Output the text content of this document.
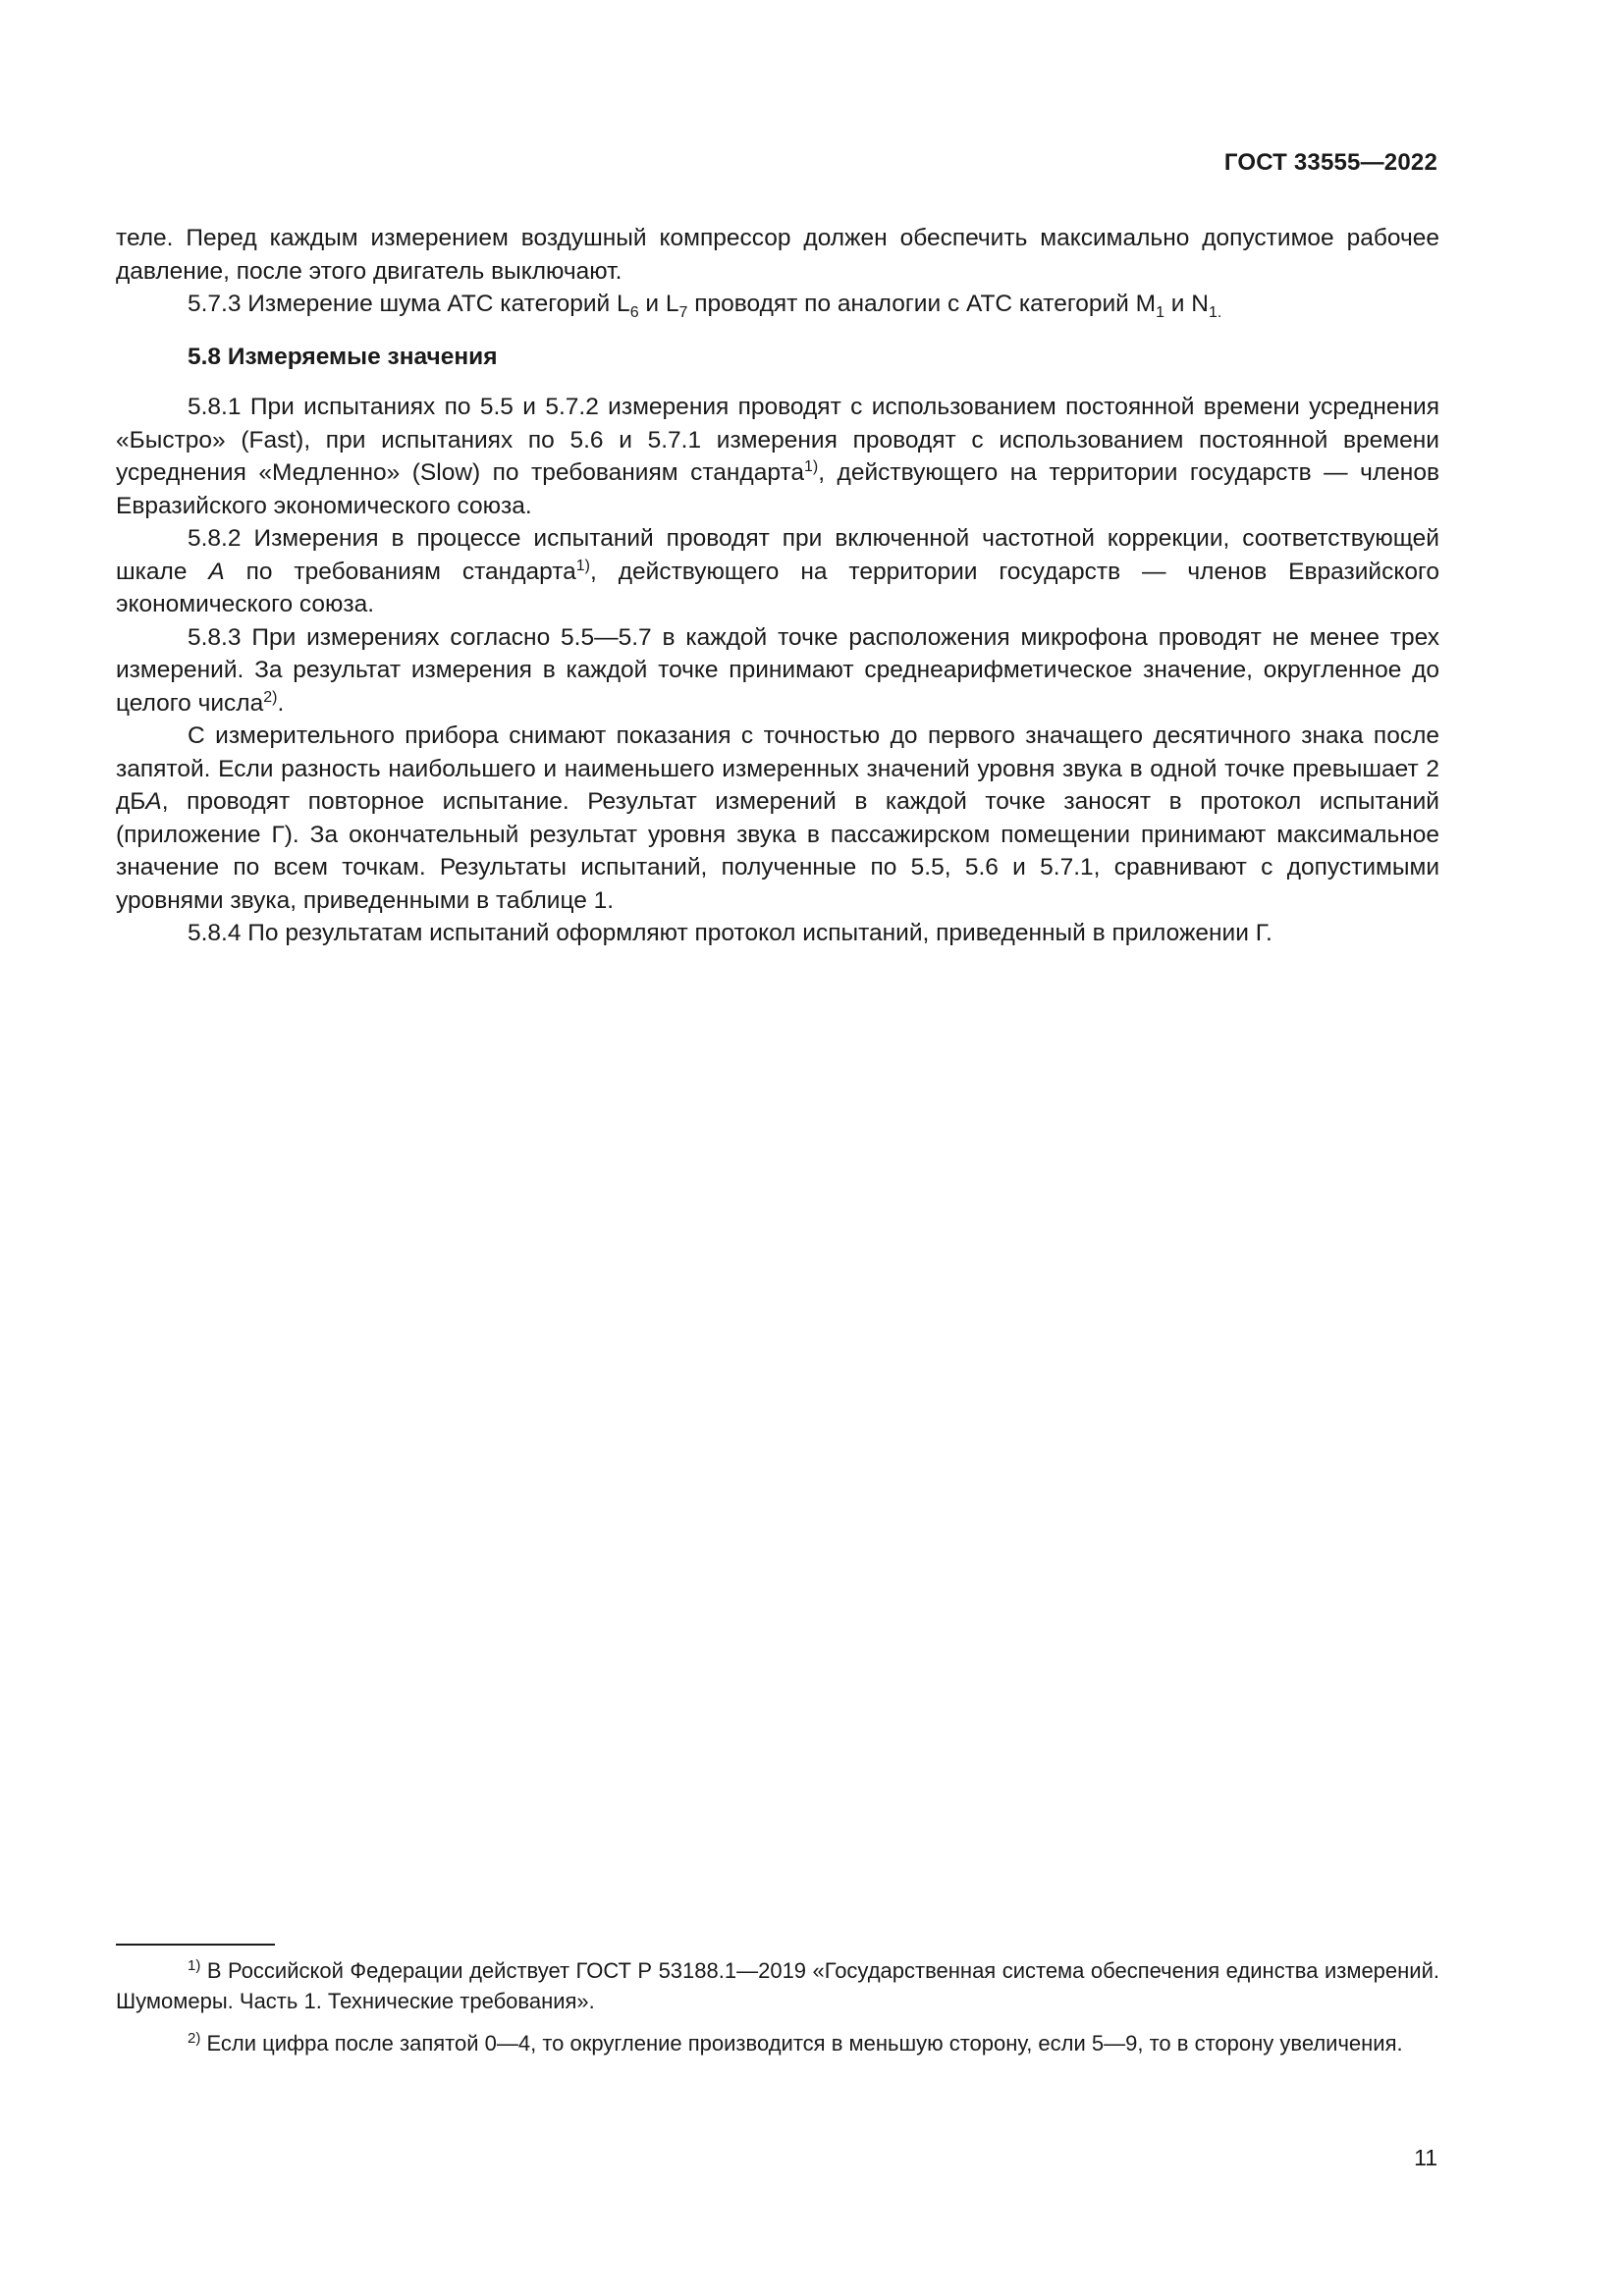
ГОСТ 33555—2022

теле. Перед каждым измерением воздушный компрессор должен обеспечить максимально допустимое рабочее давление, после этого двигатель выключают.

5.7.3 Измерение шума АТС категорий $L_6$ и $L_7$ проводят по аналогии с АТС категорий $M_1$ и $N_{1.}$

5.8 Измеряемые значения

5.8.1 При испытаниях по 5.5 и 5.7.2 измерения проводят с использованием постоянной времени усреднения «Быстро» (Fast), при испытаниях по 5.6 и 5.7.1 измерения проводят с использованием постоянной времени усреднения «Медленно» (Slow) по требованиям стандарта$^{1)}$, действующего на территории государств — членов Евразийского экономического союза.

5.8.2 Измерения в процессе испытаний проводят при включенной частотной коррекции, соответствующей шкале А по требованиям стандарта$^{1)}$, действующего на территории государств — членов Евразийского экономического союза.

5.8.3 При измерениях согласно 5.5—5.7 в каждой точке расположения микрофона проводят не менее трех измерений. За результат измерения в каждой точке принимают среднеарифметическое значение, округленное до целого числа$^{2)}$.

С измерительного прибора снимают показания с точностью до первого значащего десятичного знака после запятой. Если разность наибольшего и наименьшего измеренных значений уровня звука в одной точке превышает 2 дБА, проводят повторное испытание. Результат измерений в каждой точке заносят в протокол испытаний (приложение Г). За окончательный результат уровня звука в пассажирском помещении принимают максимальное значение по всем точкам. Результаты испытаний, полученные по 5.5, 5.6 и 5.7.1, сравнивают с допустимыми уровнями звука, приведенными в таблице 1.

5.8.4 По результатам испытаний оформляют протокол испытаний, приведенный в приложении Г.

$^{1)}$ В Российской Федерации действует ГОСТ Р 53188.1—2019 «Государственная система обеспечения единства измерений. Шумомеры. Часть 1. Технические требования».

$^{2)}$ Если цифра после запятой 0—4, то округление производится в меньшую сторону, если 5—9, то в сторону увеличения.

11
